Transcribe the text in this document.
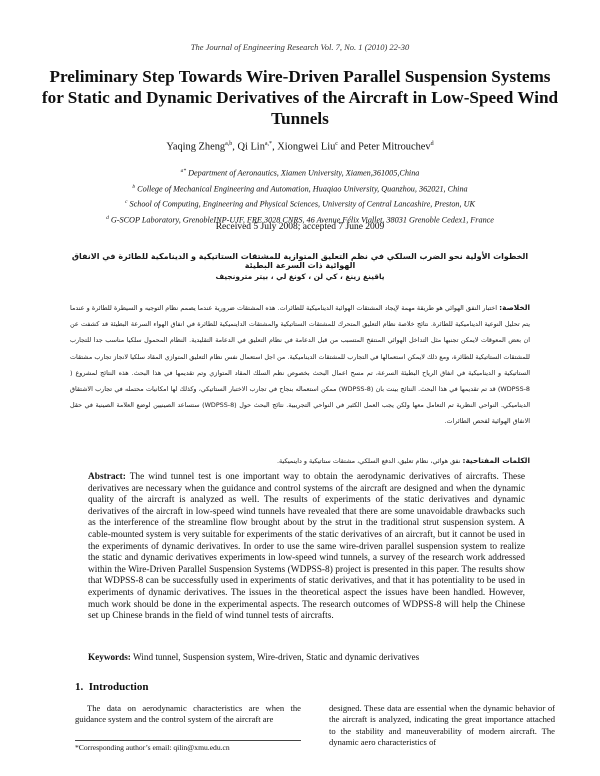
The Journal of Engineering Research Vol. 7, No. 1 (2010) 22-30
Preliminary Step Towards Wire-Driven Parallel Suspension Systems for Static and Dynamic Derivatives of the Aircraft in Low-Speed Wind Tunnels
Yaqing Zheng$^{a,b}$, Qi Lin$^{a,*}$, Xiongwei Liu$^c$ and Peter Mitrouchev$^d$
$^{a*}$ Department of Aeronautics, Xiamen University, Xiamen,361005,China
$^b$ College of Mechanical Engineering and Automation, Huaqiao University, Quanzhou, 362021, China
$^c$ School of Computing, Engineering and Physical Sciences, University of Central Lancashire, Preston, UK
$^d$ G-SCOP Laboratory, GrenobleINP-UJF, FRE 3028 CNRS, 46 Avenue Félix Viallet, 38031 Grenoble Cedex1, France
Received 5 July 2008; accepted 7 June 2009
الخطوات الأولية نحو الضرب السلكي في نظم التعليق المتوازية للمشتقات الستاتيكية و الدينامكية للطائرة في الانفاق الهوائية ذات السرعة البطيئة
ياقينغ زينغ ، كي لن ، كونغ لي ، بيتر مترونجيف
الخلاصة: اختبار النفق الهوائي هو طريقة مهمة لإيجاد المشتقات الهوائية الديناميكية للطائرات. هذه المشتقات ضرورية عندما يصمم نظام التوجيه و السيطرة للطائرة و عندما يتم تحليل النوعية الديناميكية للطائرة. نتائج خلاصة نظام التعليق المتحرك للمشتقات الستاتيكية والمشتقات الداينميكية للطائرة في انفاق الهواء السرعة البطيئة قد كشفت عن ان بعض المعوقات لايمكن تجنبها مثل التداخل الهوائي المنتفخ المتسبب من قبل الدعامة في نظام التعليق في الدعامة التقليدية. النظام المحمول سلكيا مناسب جدا للتجارب للمشتقات الستاتيكية للطائرة، ومع ذلك لايمكن استعمالها في التجارب للمشتقات الديناميكية. من اجل استعمال نفس نظام التعليق المتوازي المقاد سلكيا لانجاز تجارب مشتقات الستاتيكية و الديناميكية في انفاق الرياح البطيئة السرعة، تم مسح اعمال البحث بخصوص نظم السلك المقاد المتوازي وتم تقديمها في هذا البحث. هذه النتائج لمشروع ( WDPSS-8) قد تم تقديمها في هذا البحث. النتائج بينت بان (WDPSS-8) ممكن استعماله بنجاح في تجارب الاختبار الستاتيكي، وكذلك لها امكانيات محتمله في تجارب الاشتقاق الديناميكي. النواحي النظرية تم التعامل معها ولكن يجب العمل الكثير في النواحي التجريبية. نتائج البحث حول (WDPSS-8) ستساعد الصينيين لوضع العلامة الصينية في حقل الانفاق الهوائية لفحص الطائرات.
الكلمات المفتاحية: نفق هوائي، نظام تعليق، الدفع السلكي، مشتقات ستاتيكية و داينميكية.

Abstract: The wind tunnel test is one important way to obtain the aerodynamic derivatives of aircrafts. These derivatives are necessary when the guidance and control systems of the aircraft are designed and when the dynamic quality of the aircraft is analyzed as well. The results of experiments of the static derivatives and dynamic derivatives of the aircraft in low-speed wind tunnels have revealed that there are some unavoidable drawbacks such as the interference of the streamline flow brought about by the strut in the traditional strut suspension system. A cable-mounted system is very suitable for experiments of the static derivatives of an aircraft, but it cannot be used in the experiments of dynamic derivatives. In order to use the same wire-driven parallel suspension system to realize the static and dynamic derivatives experiments in low-speed wind tunnels, a survey of the research work addressed within the Wire-Driven Parallel Suspension Systems (WDPSS-8) project is presented in this paper. The results show that WDPSS-8 can be successfully used in experiments of static derivatives, and that it has potentiality to be used in experiments of dynamic derivatives. The issues in the theoretical aspect the issues have been handled. However, much work should be done in the experimental aspects. The research outcomes of WDPSS-8 will help the Chinese set up Chinese brands in the field of wind tunnel tests of aircrafts.

Keywords: Wind tunnel, Suspension system, Wire-driven, Static and dynamic derivatives
1. Introduction

The data on aerodynamic characteristics are when the guidance system and the control system of the aircraft are

designed. These data are essential when the dynamic behavior of the aircraft is analyzed, indicating the great importance attached to the stability and maneuverability of modern aircraft. The dynamic aero characteristics of

*Corresponding author’s email: qilin@xmu.edu.cn
